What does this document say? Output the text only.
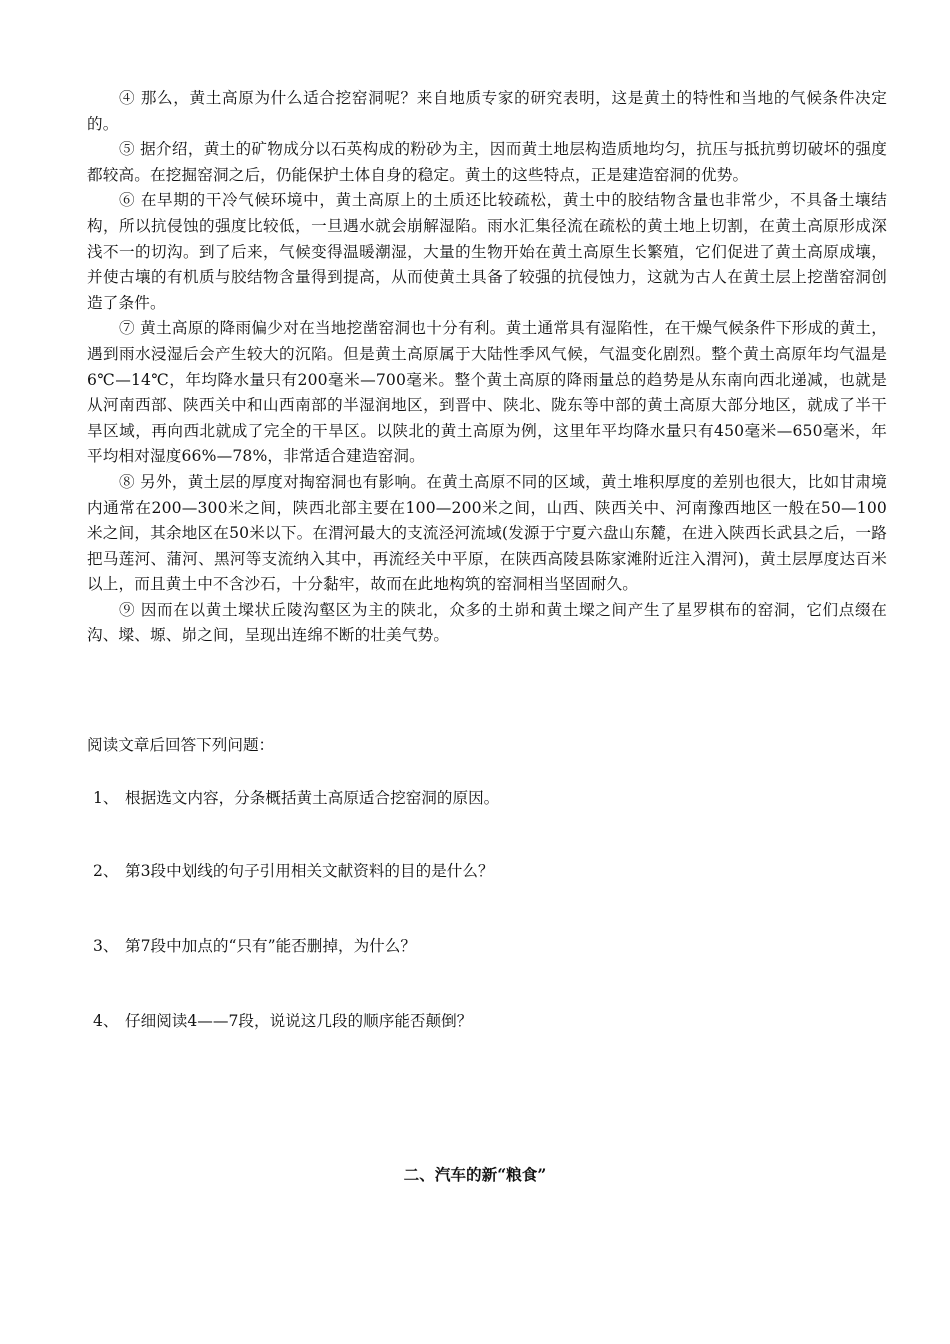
④ 那么，黄土高原为什么适合挖窑洞呢？来自地质专家的研究表明，这是黄土的特性和当地的气候条件决定的。

⑤ 据介绍，黄土的矿物成分以石英构成的粉砂为主，因而黄土地层构造质地均匀，抗压与抵抗剪切破坏的强度都较高。在挖掘窑洞之后，仍能保护土体自身的稳定。黄土的这些特点，正是建造窑洞的优势。

⑥ 在早期的干冷气候环境中，黄土高原上的土质还比较疏松，黄土中的胶结物含量也非常少，不具备土壤结构，所以抗侵蚀的强度比较低，一旦遇水就会崩解湿陷。雨水汇集径流在疏松的黄土地上切割，在黄土高原形成深浅不一的切沟。到了后来，气候变得温暖潮湿，大量的生物开始在黄土高原生长繁殖，它们促进了黄土高原成壤，并使古壤的有机质与胶结物含量得到提高，从而使黄土具备了较强的抗侵蚀力，这就为古人在黄土层上挖凿窑洞创造了条件。

⑦ 黄土高原的降雨偏少对在当地挖凿窑洞也十分有利。黄土通常具有湿陷性，在干燥气候条件下形成的黄土，遇到雨水浸湿后会产生较大的沉陷。但是黄土高原属于大陆性季风气候，气温变化剧烈。整个黄土高原年均气温是6℃—14℃，年均降水量只有200毫米—700毫米。整个黄土高原的降雨量总的趋势是从东南向西北递减，也就是从河南西部、陕西关中和山西南部的半湿润地区，到晋中、陕北、陇东等中部的黄土高原大部分地区，就成了半干旱区域，再向西北就成了完全的干旱区。以陕北的黄土高原为例，这里年平均降水量只有450毫米—650毫米，年平均相对湿度66%—78%，非常适合建造窑洞。

⑧ 另外，黄土层的厚度对掏窑洞也有影响。在黄土高原不同的区域，黄土堆积厚度的差别也很大，比如甘肃境内通常在200—300米之间，陕西北部主要在100—200米之间，山西、陕西关中、河南豫西地区一般在50—100米之间，其余地区在50米以下。在渭河最大的支流泾河流域(发源于宁夏六盘山东麓，在进入陕西长武县之后，一路把马莲河、蒲河、黑河等支流纳入其中，再流经关中平原，在陕西高陵县陈家滩附近注入渭河)，黄土层厚度达百米以上，而且黄土中不含沙石，十分黏牢，故而在此地构筑的窑洞相当坚固耐久。

⑨ 因而在以黄土墚状丘陵沟壑区为主的陕北，众多的土峁和黄土墚之间产生了星罗棋布的窑洞，它们点缀在沟、墚、塬、峁之间，呈现出连绵不断的壮美气势。

阅读文章后回答下列问题：

1、 根据选文内容，分条概括黄土高原适合挖窑洞的原因。

2、 第3段中划线的句子引用相关文献资料的目的是什么？

3、 第7段中加点的“只有”能否删掉，为什么？

4、 仔细阅读4——7段，说说这几段的顺序能否颠倒？

二、汽车的新“粮食”
